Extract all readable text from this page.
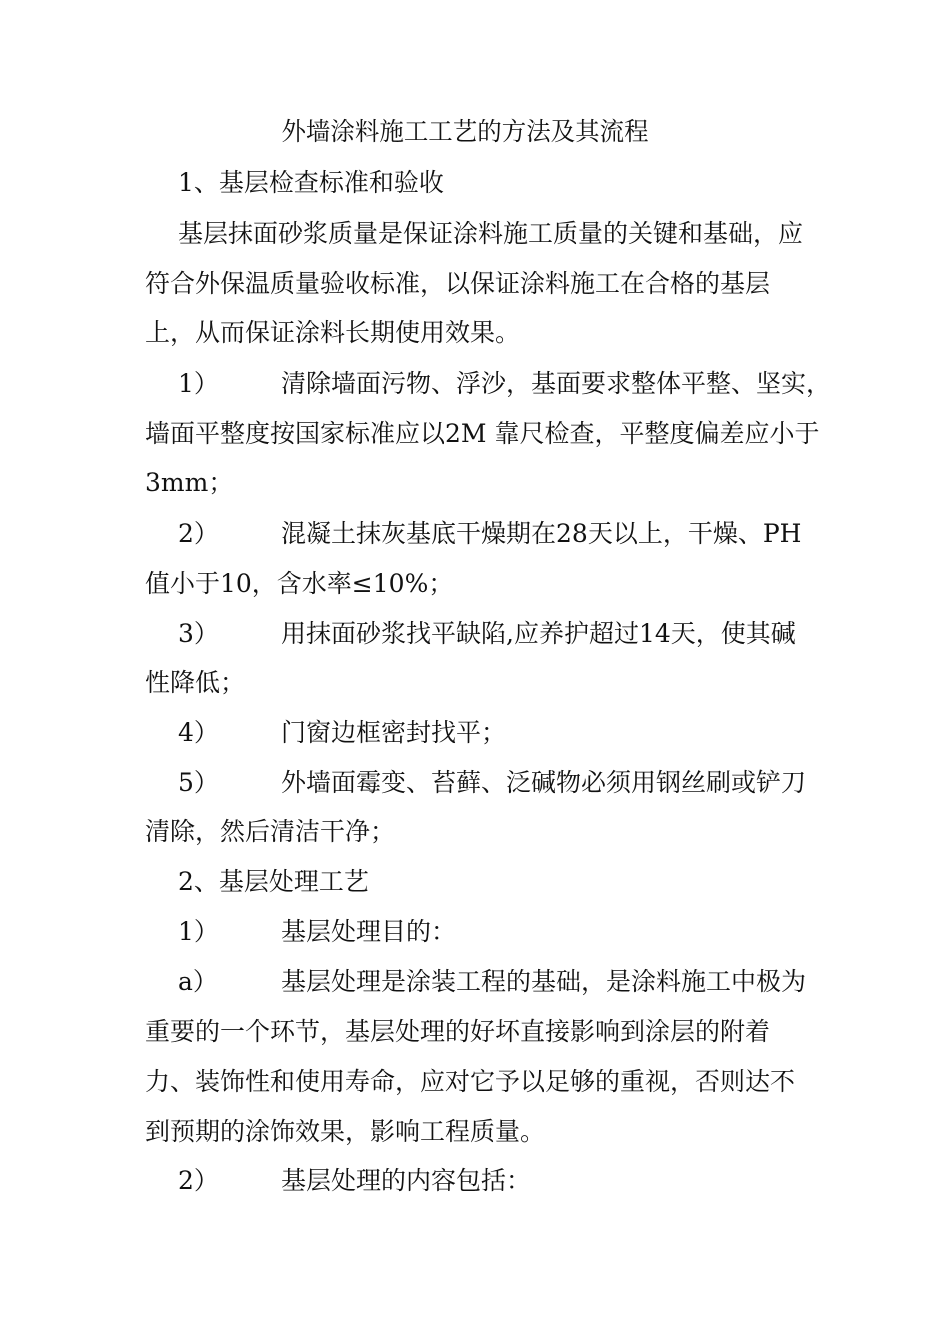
外墙涂料施工工艺的方法及其流程
1、基层检查标准和验收
基层抹面砂浆质量是保证涂料施工质量的关键和基础，应
符合外保温质量验收标准，以保证涂料施工在合格的基层
上，从而保证涂料长期使用效果。
1） 清除墙面污物、浮沙，基面要求整体平整、坚实，
墙面平整度按国家标准应以2M 靠尺检查，平整度偏差应小于
3mm；
2） 混凝土抹灰基底干燥期在28天以上，干燥、PH
值小于10，含水率≤10%；
3） 用抹面砂浆找平缺陷,应养护超过14天，使其碱
性降低；
4） 门窗边框密封找平；
5） 外墙面霉变、苔藓、泛碱物必须用钢丝刷或铲刀
清除，然后清洁干净；
2、基层处理工艺
1） 基层处理目的：
a）	基层处理是涂装工程的基础，是涂料施工中极为
重要的一个环节，基层处理的好坏直接影响到涂层的附着
力、装饰性和使用寿命，应对它予以足够的重视，否则达不
到预期的涂饰效果，影响工程质量。
2） 基层处理的内容包括：
